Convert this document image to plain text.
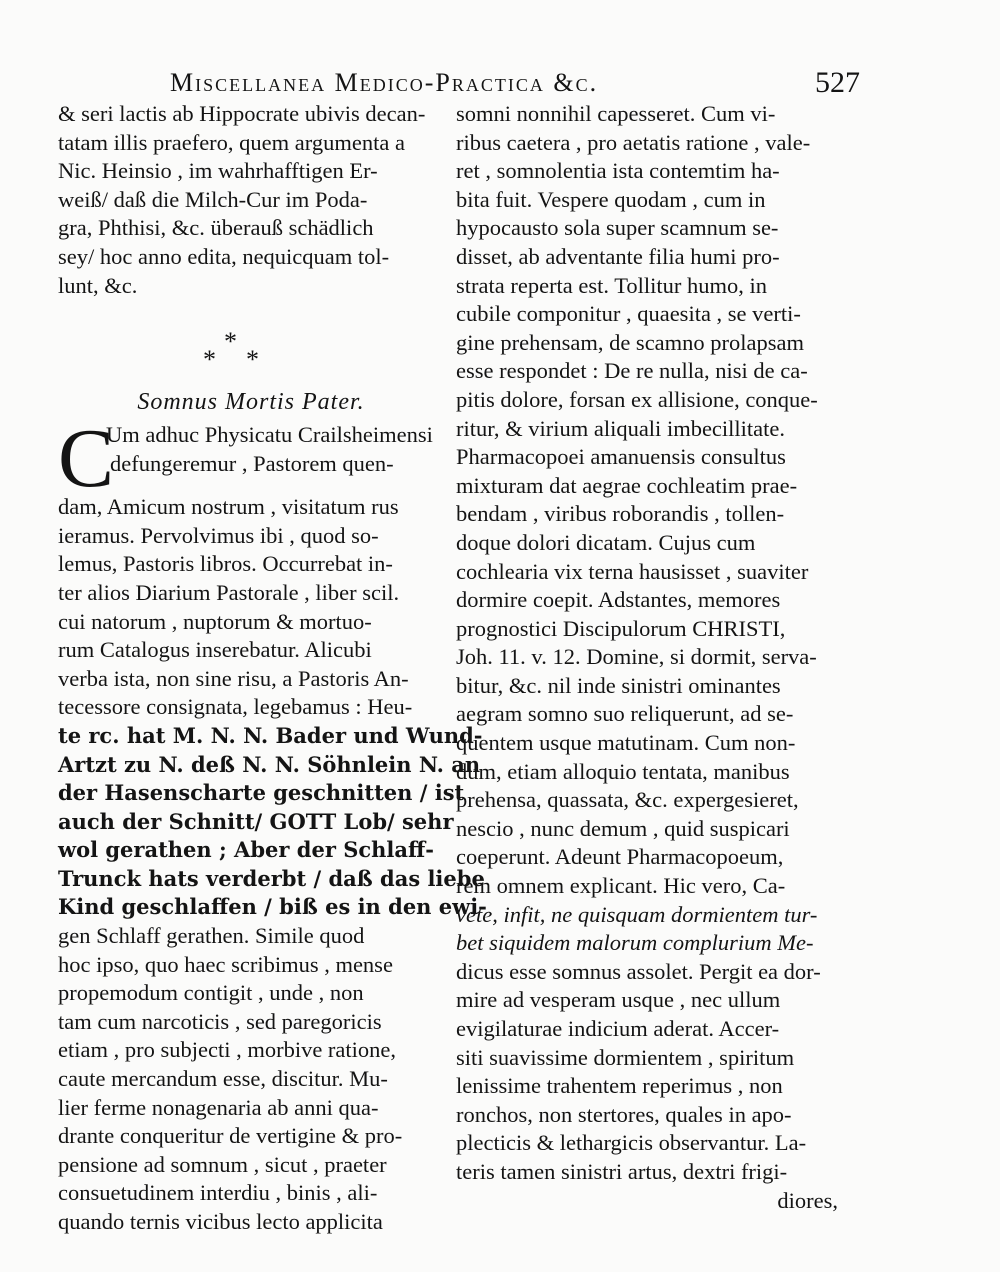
Miscellanea Medico-Practica &c.	527
& seri lactis ab Hippocrate ubivis decan-
tatam illis praefero, quem argumenta a
Nic. Heinsio , im wahrhafftigen Er-
weiß/ daß die Milch-Cur im Poda-
gra, Phthisi, &c. überauß schädlich
sey/ hoc anno edita, nequicquam tol-
lunt, &c.
*
* *
Somnus Mortis Pater.
C
Um adhuc Physicatu Crailsheimensi
defungeremur , Pastorem quen-
dam, Amicum nostrum , visitatum rus
ieramus. Pervolvimus ibi , quod so-
lemus, Pastoris libros. Occurrebat in-
ter alios Diarium Pastorale , liber scil.
cui natorum , nuptorum & mortuo-
rum Catalogus inserebatur. Alicubi
verba ista, non sine risu, a Pastoris An-
tecessore consignata, legebamus : Heu-
te rc. hat M. N. N. Bader und Wund-
Artzt zu N. deß N. N. Söhnlein N. an
der Hasenscharte geschnitten / ist
auch der Schnitt/ GOTT Lob/ sehr
wol gerathen ; Aber der Schlaff-
Trunck hats verderbt / daß das liebe
Kind geschlaffen / biß es in den ewi-
gen Schlaff gerathen. Simile quod
hoc ipso, quo haec scribimus , mense
propemodum contigit , unde , non
tam cum narcoticis , sed paregoricis
etiam , pro subjecti , morbive ratione,
caute mercandum esse, discitur. Mu-
lier ferme nonagenaria ab anni qua-
drante conqueritur de vertigine & pro-
pensione ad somnum , sicut , praeter
consuetudinem interdiu , binis , ali-
quando ternis vicibus lecto applicita
somni nonnihil capesseret. Cum vi-
ribus caetera , pro aetatis ratione , vale-
ret , somnolentia ista contemtim ha-
bita fuit. Vespere quodam , cum in
hypocausto sola super scamnum se-
disset, ab adventante filia humi pro-
strata reperta est. Tollitur humo, in
cubile componitur , quaesita , se verti-
gine prehensam, de scamno prolapsam
esse respondet : De re nulla, nisi de ca-
pitis dolore, forsan ex allisione, conque-
ritur, & virium aliquali imbecillitate.
Pharmacopoei amanuensis consultus
mixturam dat aegrae cochleatim prae-
bendam , viribus roborandis , tollen-
doque dolori dicatam. Cujus cum
cochlearia vix terna hausisset , suaviter
dormire coepit. Adstantes, memores
prognostici Discipulorum CHRISTI,
Joh. 11. v. 12. Domine, si dormit, serva-
bitur, &c. nil inde sinistri ominantes
aegram somno suo reliquerunt, ad se-
quentem usque matutinam. Cum non-
dum, etiam alloquio tentata, manibus
prehensa, quassata, &c. expergesieret,
nescio , nunc demum , quid suspicari
coeperunt. Adeunt Pharmacopoeum,
rem omnem explicant. Hic vero, Ca-
vete, infit, ne quisquam dormientem tur-
bet siquidem malorum complurium Me-
dicus esse somnus assolet. Pergit ea dor-
mire ad vesperam usque , nec ullum
evigilaturae indicium aderat. Accer-
siti suavissime dormientem , spiritum
lenissime trahentem reperimus , non
ronchos, non stertores, quales in apo-
plecticis & lethargicis observantur. La-
teris tamen sinistri artus, dextri frigi-
diores,
